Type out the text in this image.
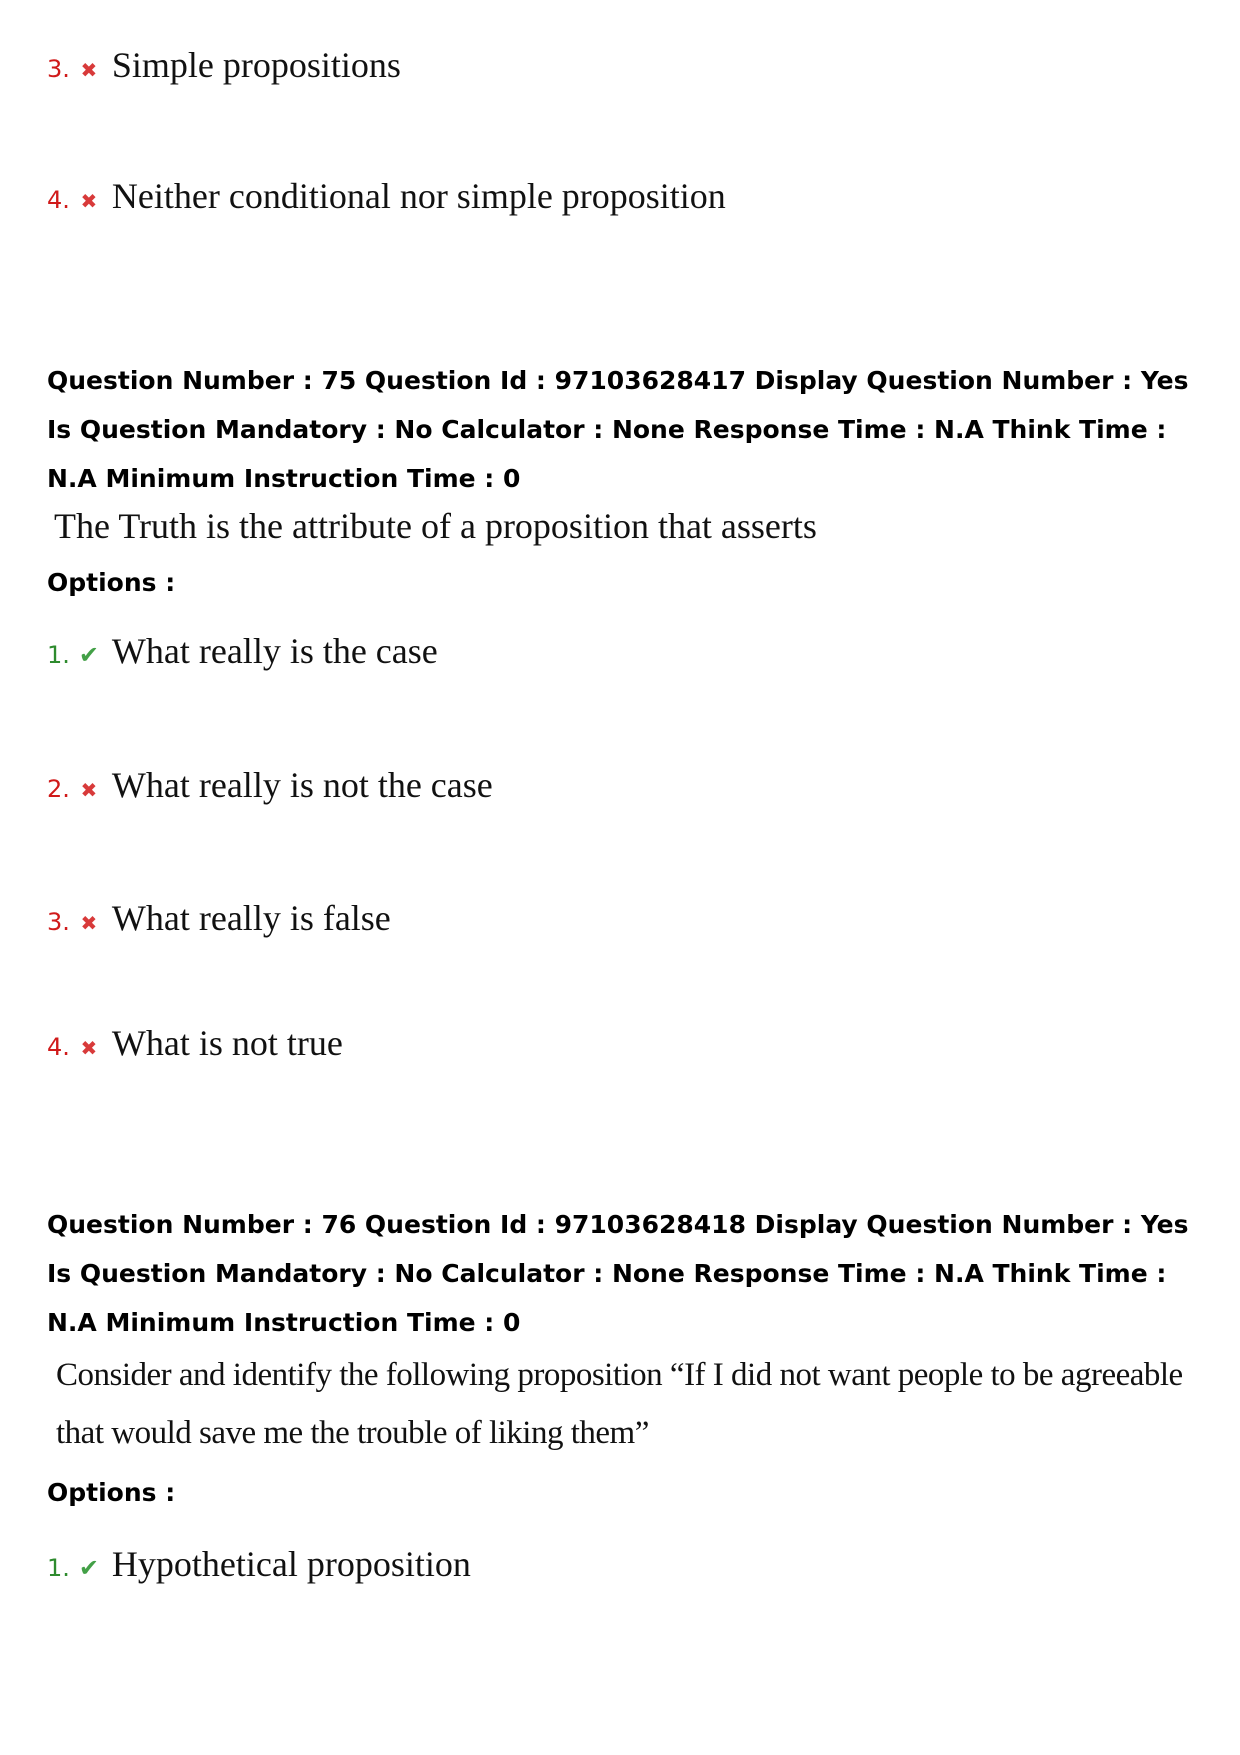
3. ✖ Simple propositions
4. ✖ Neither conditional nor simple proposition

Question Number : 75 Question Id : 97103628417 Display Question Number : Yes Is Question Mandatory : No Calculator : None Response Time : N.A Think Time : N.A Minimum Instruction Time : 0

The Truth is the attribute of a proposition that asserts
Options :
1. ✔ What really is the case
2. ✖ What really is not the case
3. ✖ What really is false
4. ✖ What is not true

Question Number : 76 Question Id : 97103628418 Display Question Number : Yes Is Question Mandatory : No Calculator : None Response Time : N.A Think Time : N.A Minimum Instruction Time : 0

Consider and identify the following proposition “If I did not want people to be agreeable
that would save me the trouble of liking them”
Options :
1. ✔ Hypothetical proposition
